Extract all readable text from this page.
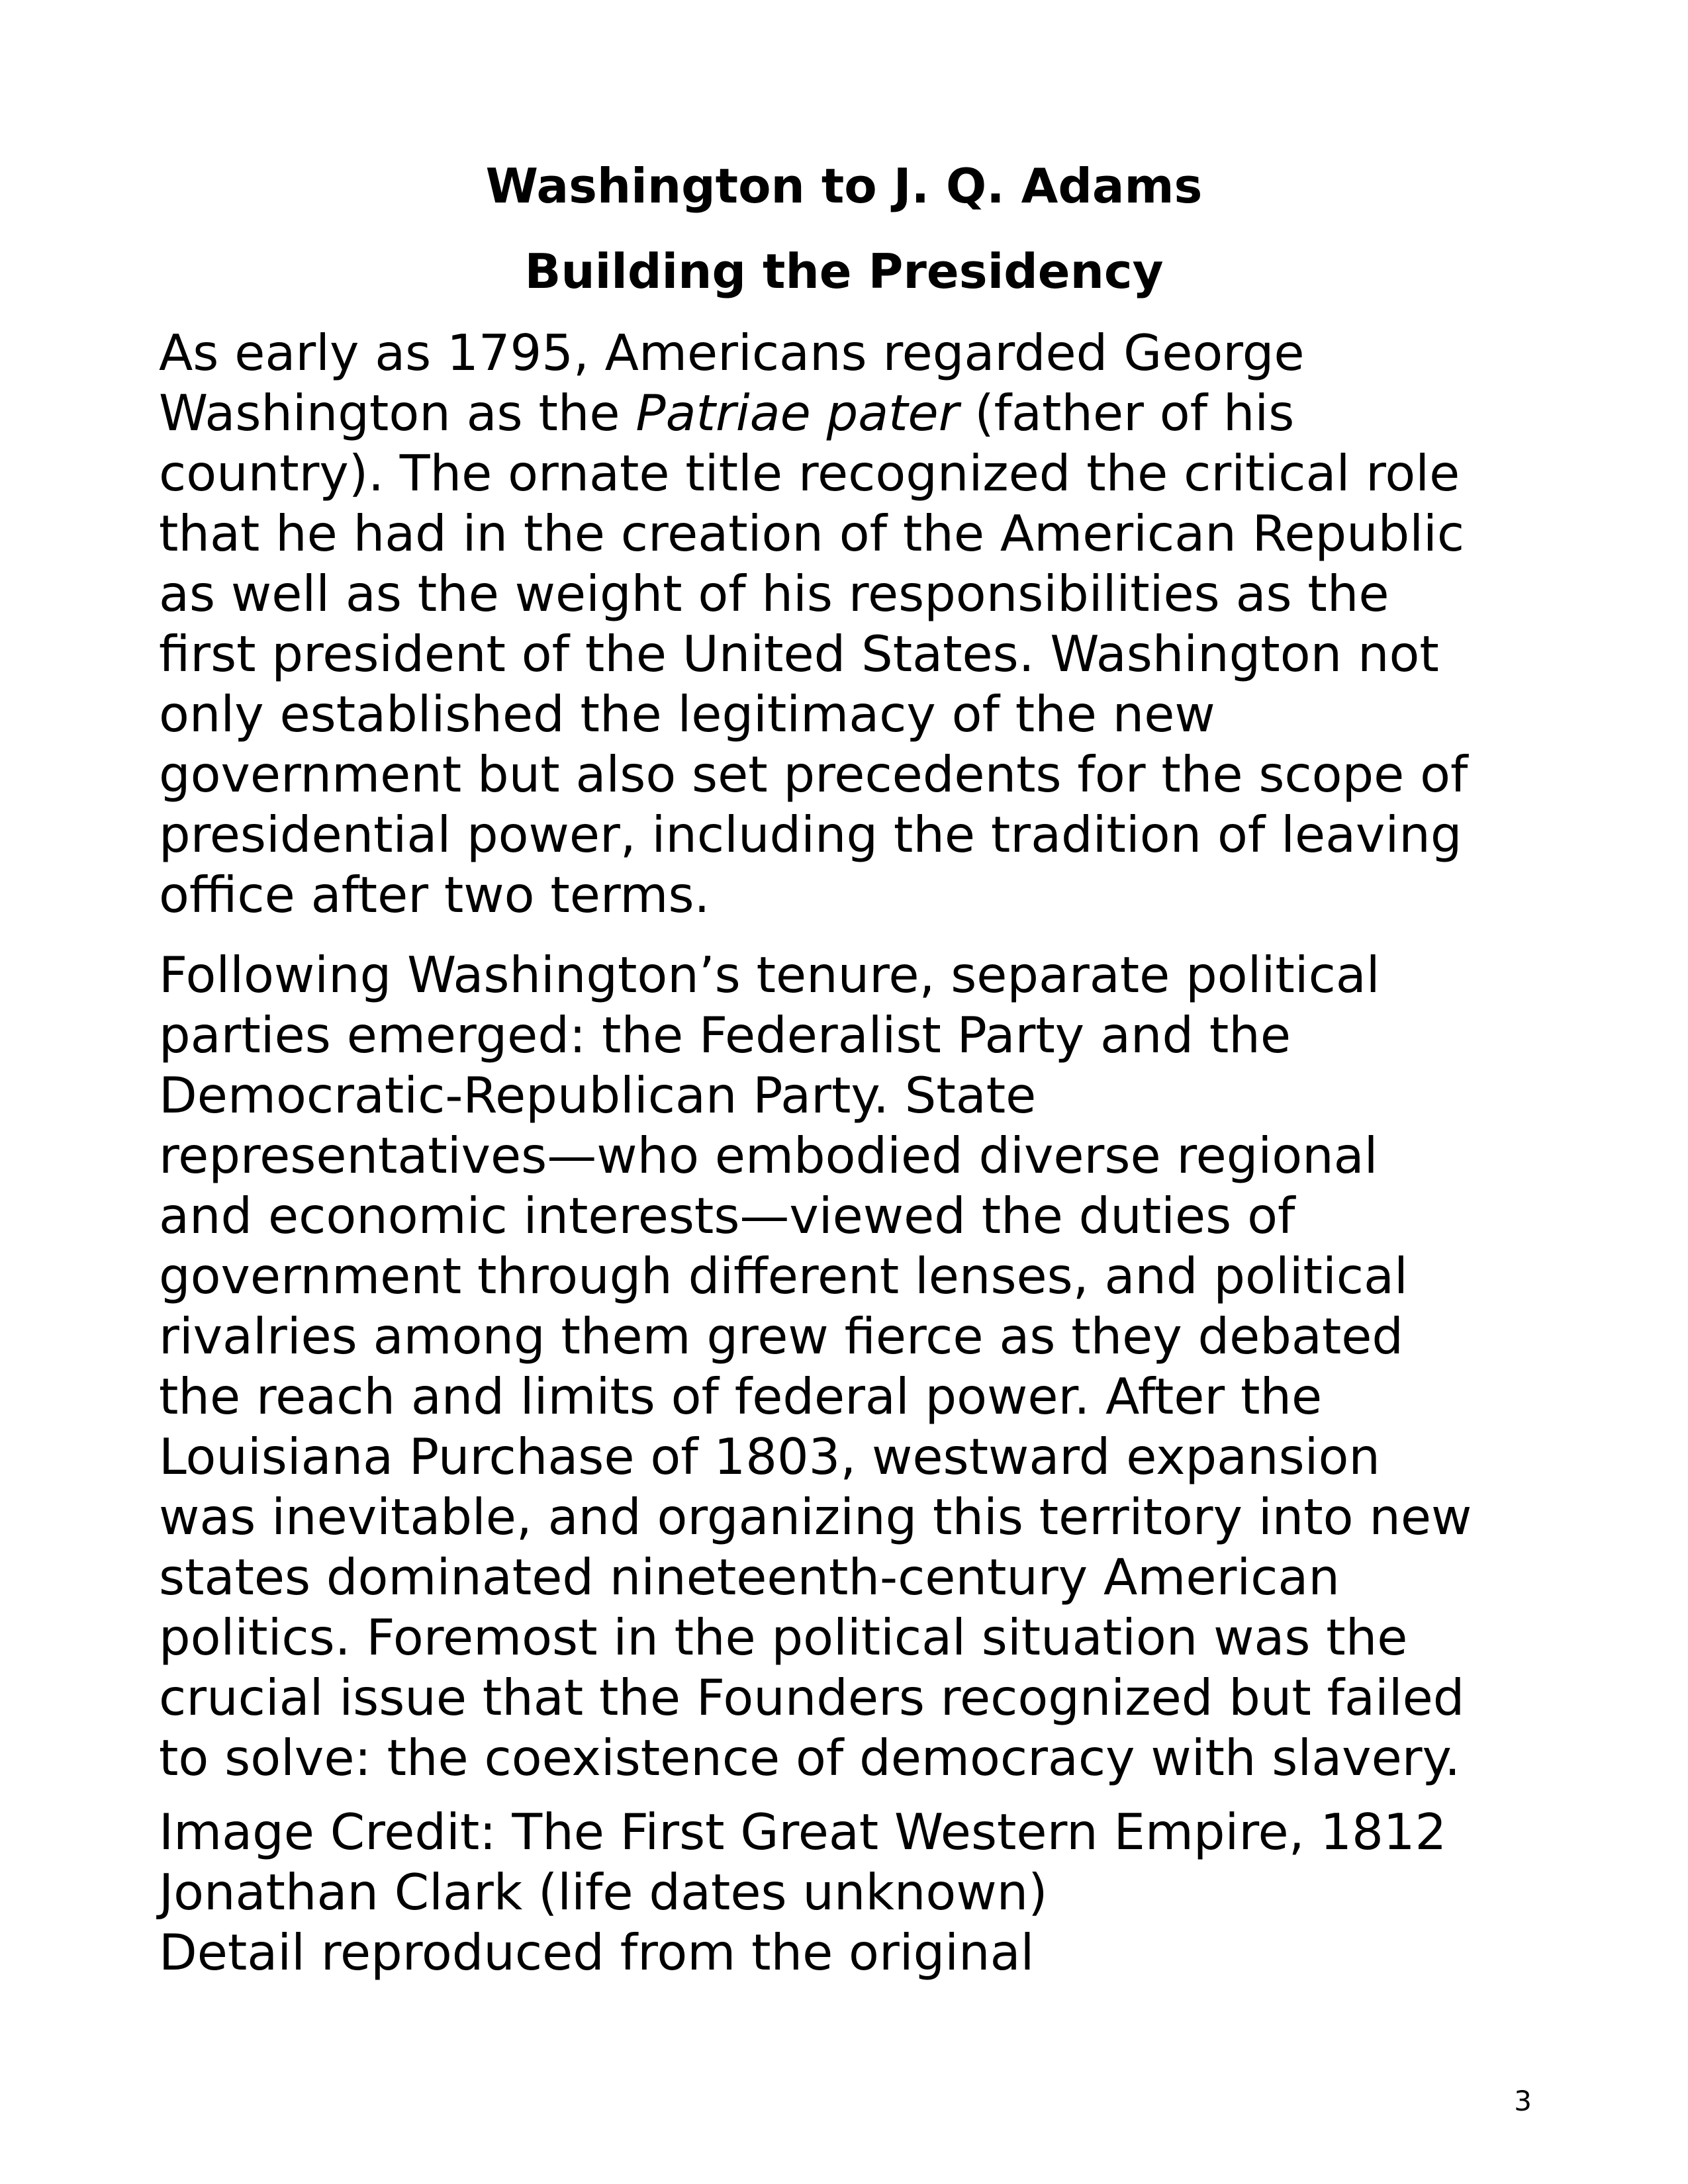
Washington to J. Q. Adams
Building the Presidency

As early as 1795, Americans regarded George
Washington as the Patriae pater (father of his
country). The ornate title recognized the critical role
that he had in the creation of the American Republic
as well as the weight of his responsibilities as the
first president of the United States. Washington not
only established the legitimacy of the new
government but also set precedents for the scope of
presidential power, including the tradition of leaving
office after two terms.

Following Washington’s tenure, separate political
parties emerged: the Federalist Party and the
Democratic-Republican Party. State
representatives—who embodied diverse regional
and economic interests—viewed the duties of
government through different lenses, and political
rivalries among them grew fierce as they debated
the reach and limits of federal power. After the
Louisiana Purchase of 1803, westward expansion
was inevitable, and organizing this territory into new
states dominated nineteenth-century American
politics. Foremost in the political situation was the
crucial issue that the Founders recognized but failed
to solve: the coexistence of democracy with slavery.

Image Credit: The First Great Western Empire, 1812
Jonathan Clark (life dates unknown)
Detail reproduced from the original

3
